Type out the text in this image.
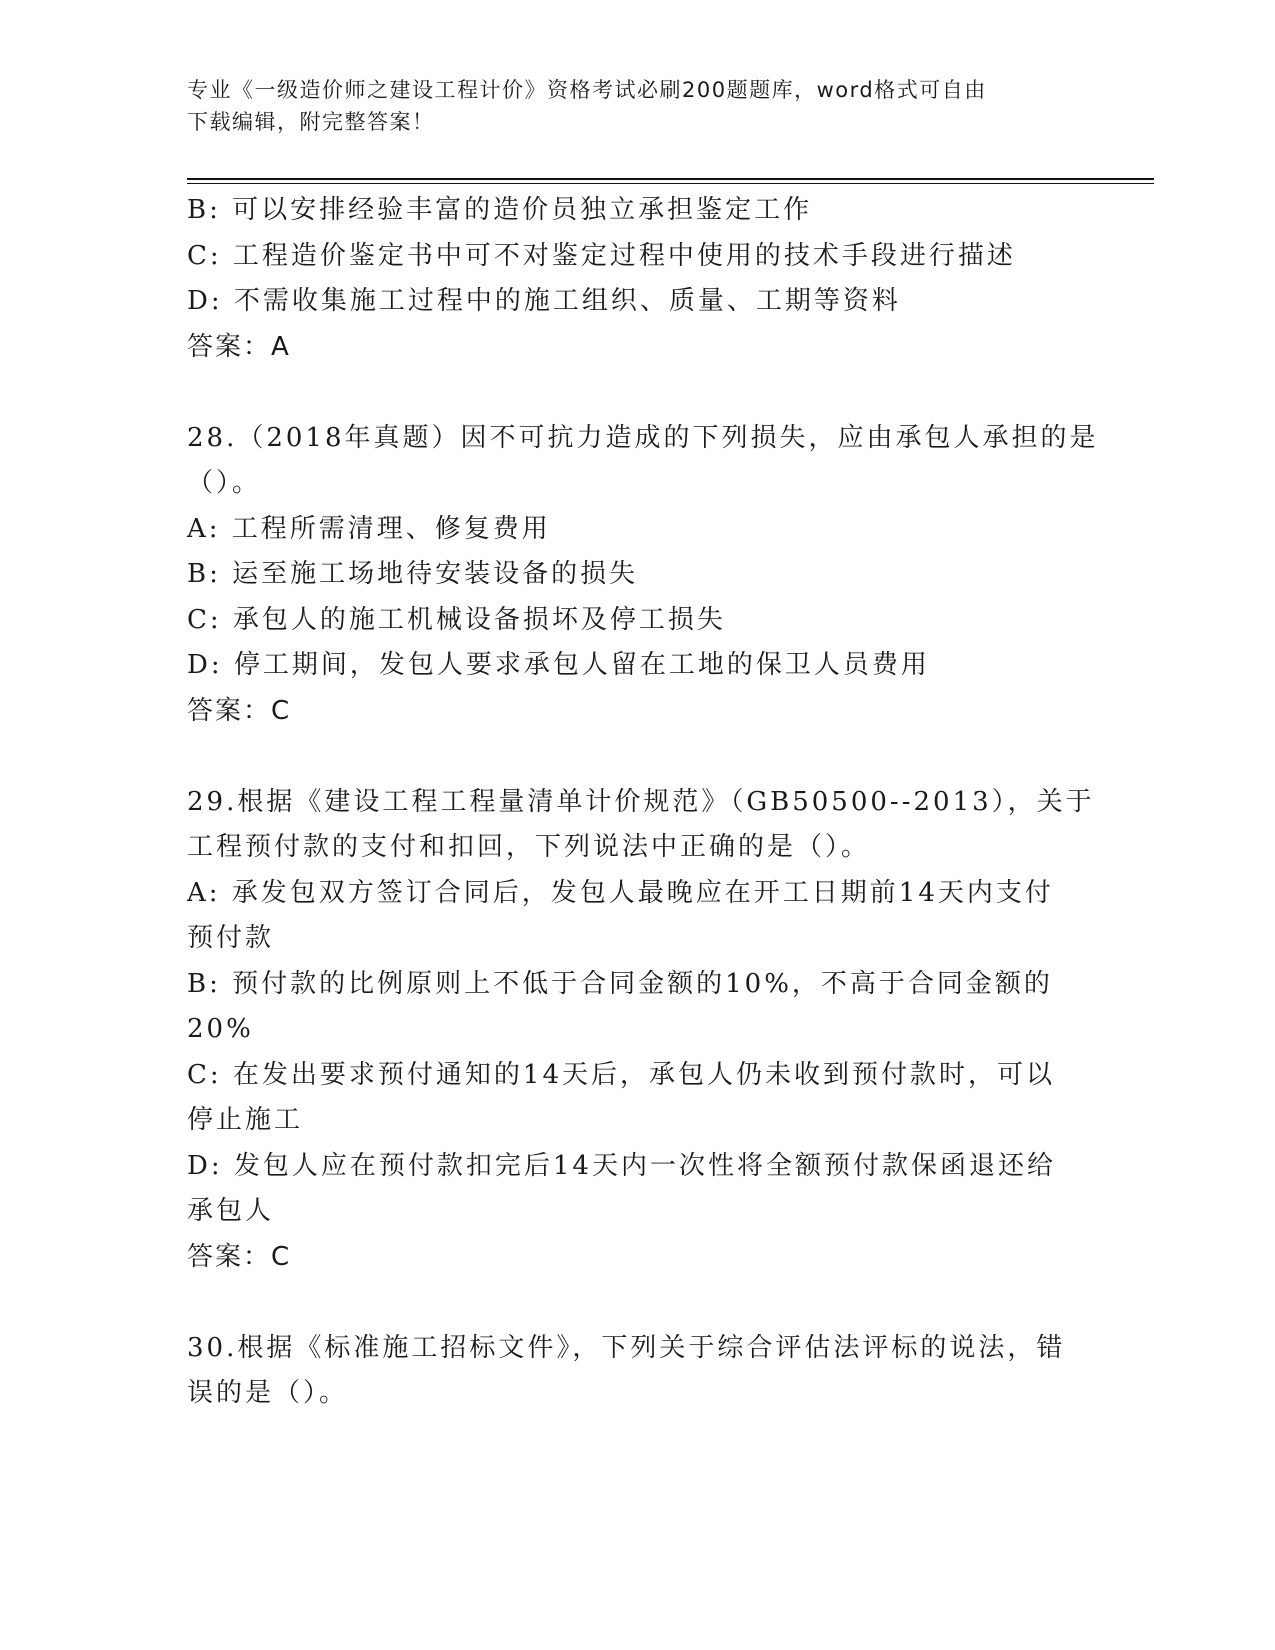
专业《一级造价师之建设工程计价》资格考试必刷200题题库，word格式可自由
下载编辑，附完整答案！
B: 可以安排经验丰富的造价员独立承担鉴定工作
C: 工程造价鉴定书中可不对鉴定过程中使用的技术手段进行描述
D: 不需收集施工过程中的施工组织、质量、工期等资料
答案：A
28.（2018年真题）因不可抗力造成的下列损失，应由承包人承担的是
（）。
A: 工程所需清理、修复费用
B: 运至施工场地待安装设备的损失
C: 承包人的施工机械设备损坏及停工损失
D: 停工期间，发包人要求承包人留在工地的保卫人员费用
答案：C
29.根据《建设工程工程量清单计价规范》（GB50500--2013），关于
工程预付款的支付和扣回，下列说法中正确的是（）。
A: 承发包双方签订合同后，发包人最晚应在开工日期前14天内支付
预付款
B: 预付款的比例原则上不低于合同金额的10%，不高于合同金额的
20%
C: 在发出要求预付通知的14天后，承包人仍未收到预付款时，可以
停止施工
D: 发包人应在预付款扣完后14天内一次性将全额预付款保函退还给
承包人
答案：C
30.根据《标准施工招标文件》，下列关于综合评估法评标的说法，错
误的是（）。
